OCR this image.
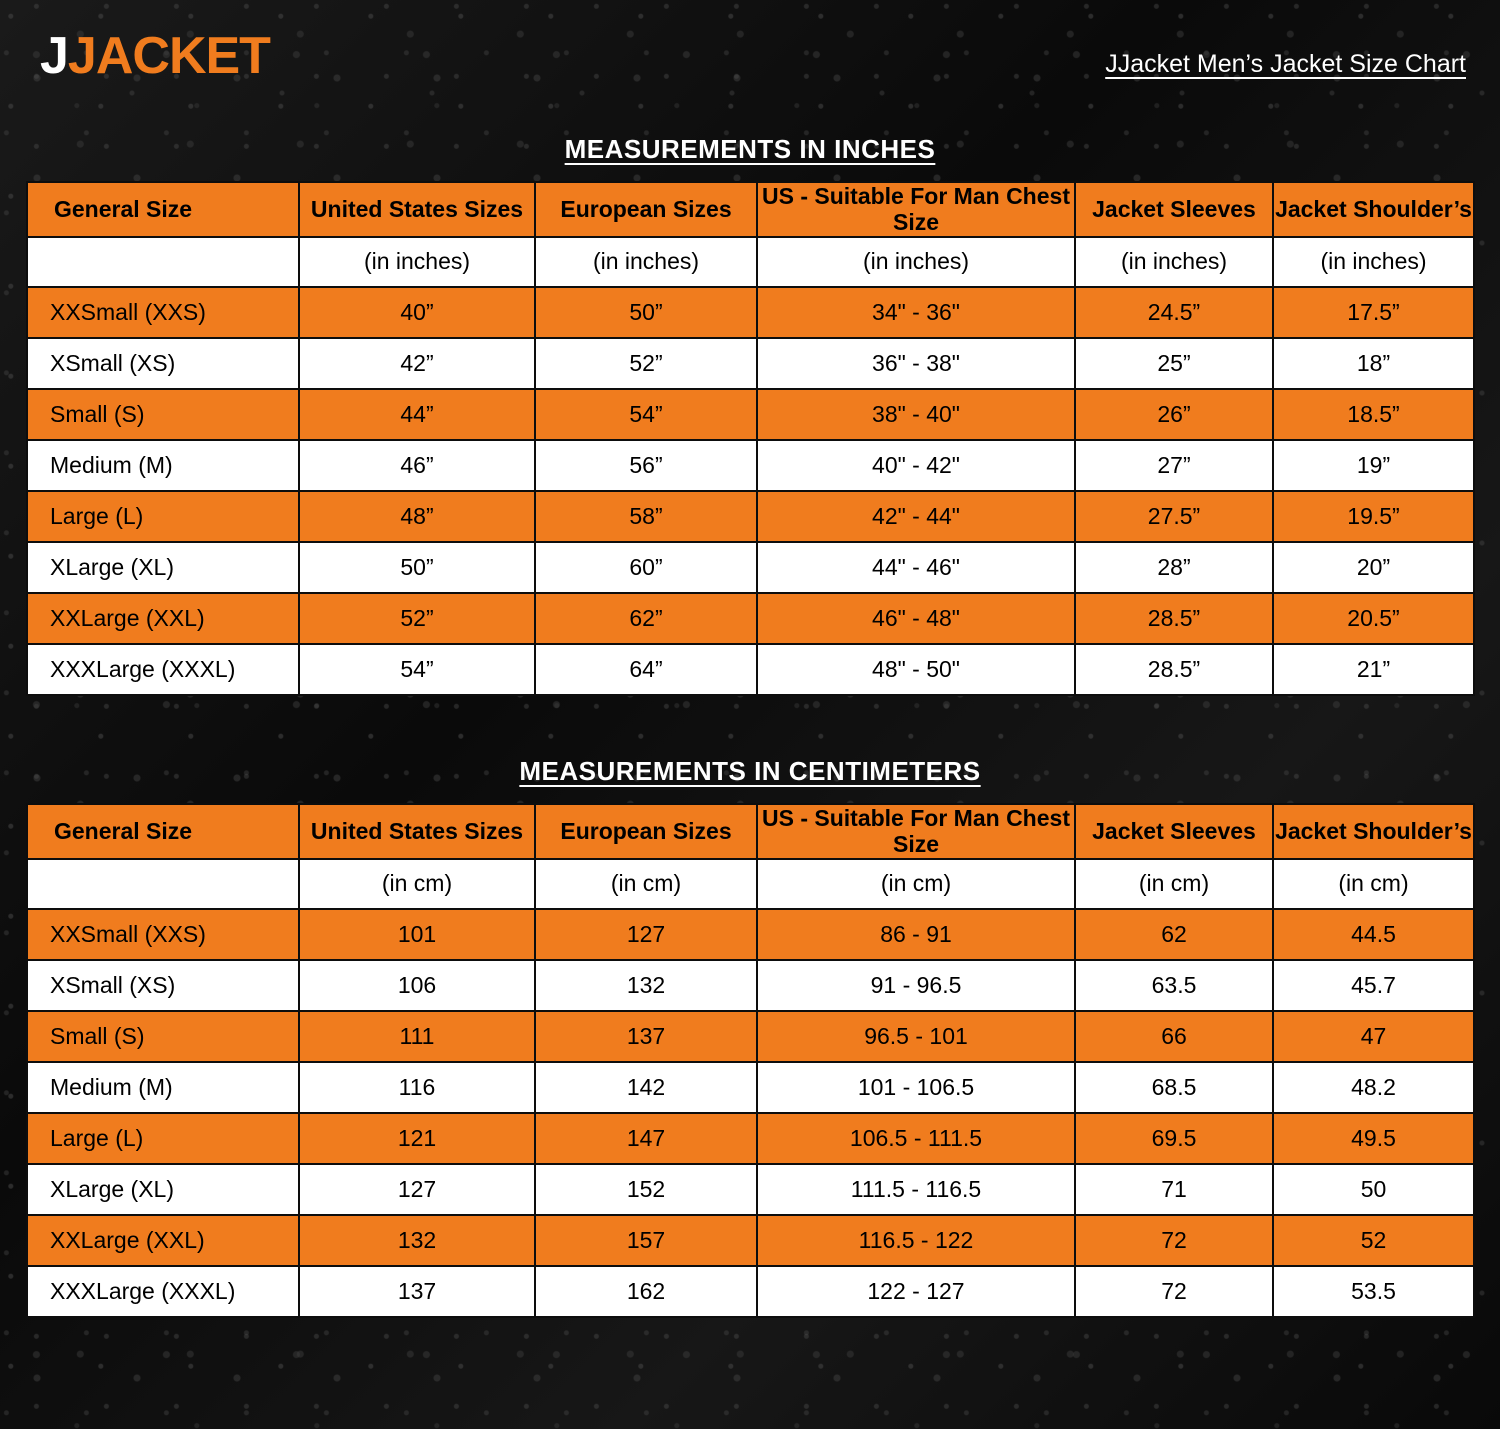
JJACKET	JJacket Men’s Jacket Size Chart
MEASUREMENTS IN INCHES
General Size	United States Sizes	European Sizes	US - Suitable For Man Chest Size	Jacket Sleeves	Jacket Shoulder’s
	(in inches)	(in inches)	(in inches)	(in inches)	(in inches)
XXSmall (XXS)	40”	50”	34" - 36"	24.5”	17.5”
XSmall (XS)	42”	52”	36" - 38"	25”	18”
Small (S)	44”	54”	38" - 40"	26”	18.5”
Medium (M)	46”	56”	40" - 42"	27”	19”
Large (L)	48”	58”	42" - 44"	27.5”	19.5”
XLarge (XL)	50”	60”	44" - 46"	28”	20”
XXLarge (XXL)	52”	62”	46" - 48"	28.5”	20.5”
XXXLarge (XXXL)	54”	64”	48" - 50"	28.5”	21”
MEASUREMENTS IN CENTIMETERS
General Size	United States Sizes	European Sizes	US - Suitable For Man Chest Size	Jacket Sleeves	Jacket Shoulder’s
	(in cm)	(in cm)	(in cm)	(in cm)	(in cm)
XXSmall (XXS)	101	127	86 - 91	62	44.5
XSmall (XS)	106	132	91 - 96.5	63.5	45.7
Small (S)	111	137	96.5 - 101	66	47
Medium (M)	116	142	101 - 106.5	68.5	48.2
Large (L)	121	147	106.5 - 111.5	69.5	49.5
XLarge (XL)	127	152	111.5 - 116.5	71	50
XXLarge (XXL)	132	157	116.5 - 122	72	52
XXXLarge (XXXL)	137	162	122 - 127	72	53.5
